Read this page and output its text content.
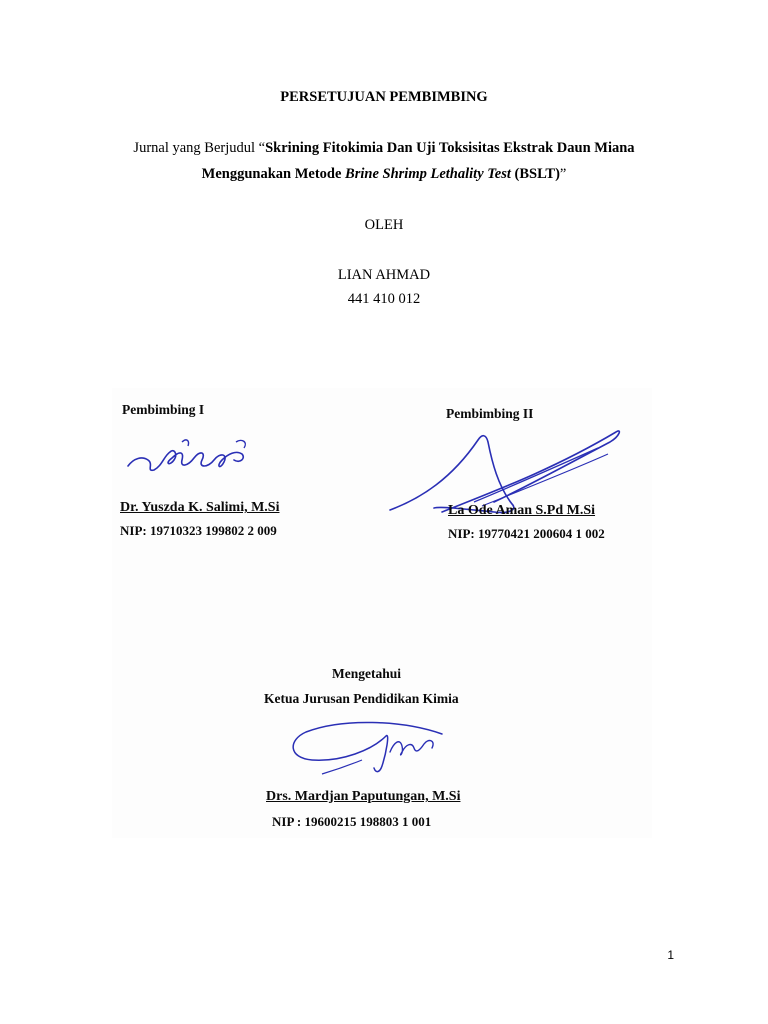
PERSETUJUAN PEMBIMBING
Jurnal yang Berjudul “Skrining Fitokimia Dan Uji Toksisitas Ekstrak Daun Miana
Menggunakan Metode Brine Shrimp Lethality Test (BSLT)”
OLEH
LIAN AHMAD
441 410 012
Pembimbing I
Dr. Yuszda K. Salimi, M.Si
NIP: 19710323 199802 2 009
Pembimbing II
La Ode Aman S.Pd M.Si
NIP: 19770421 200604 1 002
Mengetahui
Ketua Jurusan Pendidikan Kimia
Drs. Mardjan Paputungan, M.Si
NIP : 19600215 198803 1 001
1
